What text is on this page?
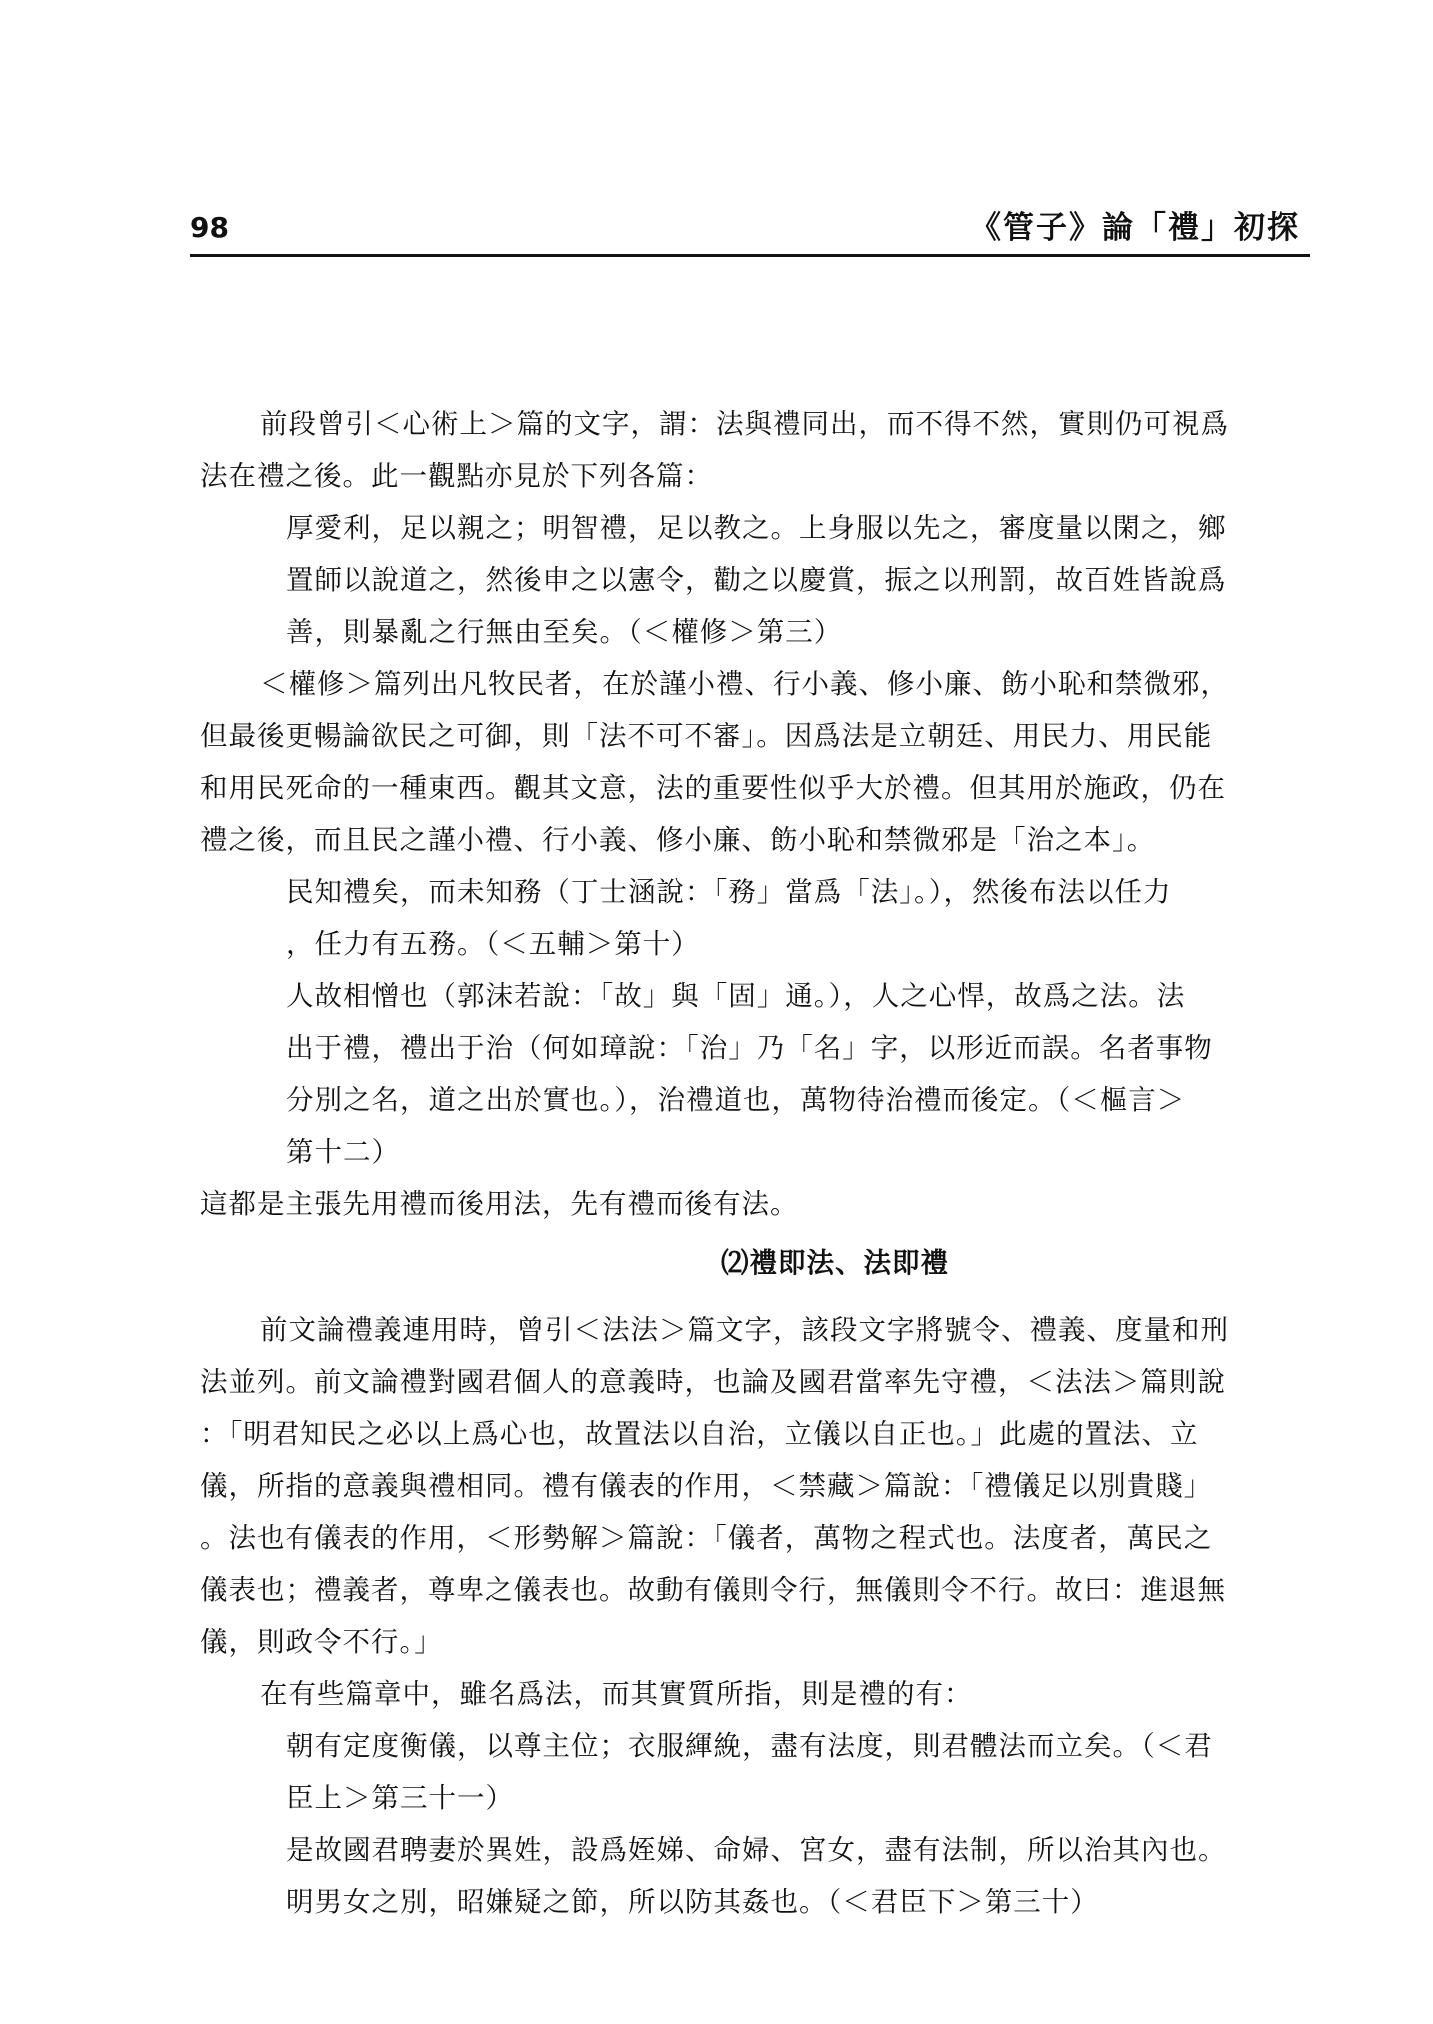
98	《管子》論「禮」初探
前段曾引＜心術上＞篇的文字，謂：法與禮同出，而不得不然，實則仍可視爲
法在禮之後。此一觀點亦見於下列各篇：
厚愛利，足以親之；明智禮，足以教之。上身服以先之，審度量以閑之，鄉
置師以說道之，然後申之以憲令，勸之以慶賞，振之以刑罰，故百姓皆說爲
善，則暴亂之行無由至矣。（＜權修＞第三）
＜權修＞篇列出凡牧民者，在於謹小禮、行小義、修小廉、飭小恥和禁微邪，
但最後更暢論欲民之可御，則「法不可不審」。因爲法是立朝廷、用民力、用民能
和用民死命的一種東西。觀其文意，法的重要性似乎大於禮。但其用於施政，仍在
禮之後，而且民之謹小禮、行小義、修小廉、飭小恥和禁微邪是「治之本」。
民知禮矣，而未知務（丁士涵說：「務」當爲「法」。），然後布法以任力
，任力有五務。（＜五輔＞第十）
人故相憎也（郭沫若說：「故」與「固」通。），人之心悍，故爲之法。法
出于禮，禮出于治（何如璋說：「治」乃「名」字，以形近而誤。名者事物
分別之名，道之出於實也。），治禮道也，萬物待治禮而後定。（＜樞言＞
第十二）
這都是主張先用禮而後用法，先有禮而後有法。
⑵禮即法、法即禮
前文論禮義連用時，曾引＜法法＞篇文字，該段文字將號令、禮義、度量和刑
法並列。前文論禮對國君個人的意義時，也論及國君當率先守禮，＜法法＞篇則說
：「明君知民之必以上爲心也，故置法以自治，立儀以自正也。」此處的置法、立
儀，所指的意義與禮相同。禮有儀表的作用，＜禁藏＞篇說：「禮儀足以別貴賤」
。法也有儀表的作用，＜形勢解＞篇說：「儀者，萬物之程式也。法度者，萬民之
儀表也；禮義者，尊卑之儀表也。故動有儀則令行，無儀則令不行。故曰：進退無
儀，則政令不行。」
在有些篇章中，雖名爲法，而其實質所指，則是禮的有：
朝有定度衡儀，以尊主位；衣服緷絻，盡有法度，則君體法而立矣。（＜君
臣上＞第三十一）
是故國君聘妻於異姓，設爲姪娣、命婦、宮女，盡有法制，所以治其內也。
明男女之別，昭嫌疑之節，所以防其姦也。（＜君臣下＞第三十）
